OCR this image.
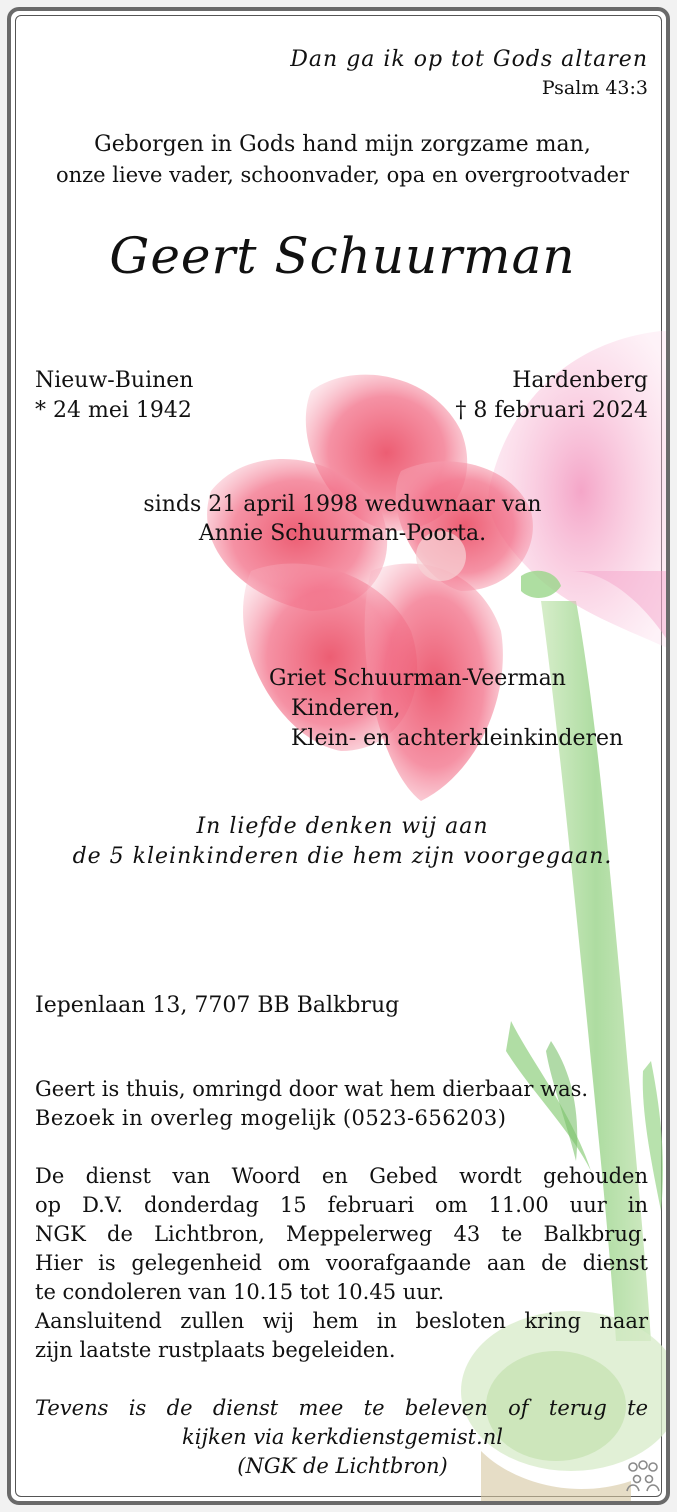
Dan ga ik op tot Gods altaren
Psalm 43:3
Geborgen in Gods hand mijn zorgzame man,
onze lieve vader, schoonvader, opa en overgrootvader
Geert Schuurman
Nieuw-Buinen
* 24 mei 1942
Hardenberg
† 8 februari 2024
sinds 21 april 1998 weduwnaar van
Annie Schuurman-Poorta.
Griet Schuurman-Veerman
Kinderen,
Klein- en achterkleinkinderen
In liefde denken wij aan
de 5 kleinkinderen die hem zijn voorgegaan.
Iepenlaan 13, 7707 BB Balkbrug
Geert is thuis, omringd door wat hem dierbaar was.
Bezoek in overleg mogelijk (0523-656203)
De dienst van Woord en Gebed wordt gehouden
op D.V. donderdag 15 februari om 11.00 uur in
NGK de Lichtbron, Meppelerweg 43 te Balkbrug.
Hier is gelegenheid om voorafgaande aan de dienst
te condoleren van 10.15 tot 10.45 uur.
Aansluitend zullen wij hem in besloten kring naar
zijn laatste rustplaats begeleiden.
Tevens is de dienst mee te beleven of terug te
kijken via kerkdienstgemist.nl
(NGK de Lichtbron)
